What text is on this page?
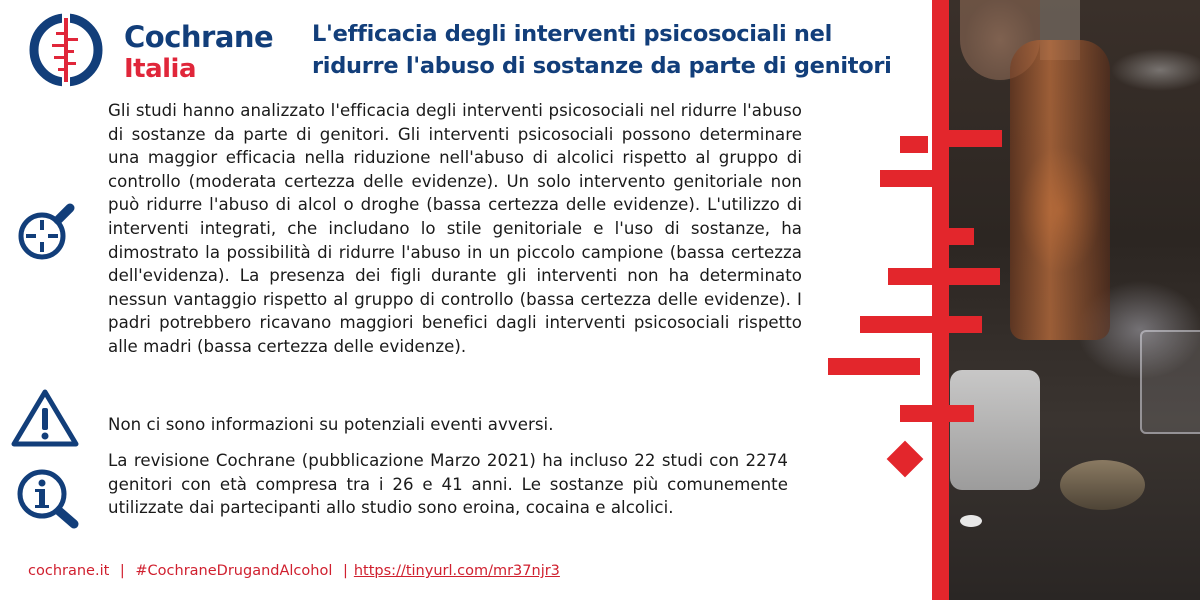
Cochrane
Italia
L'efficacia degli interventi psicosociali nel
ridurre l'abuso di sostanze da parte di genitori
Gli studi hanno analizzato l'efficacia degli interventi psicosociali nel ridurre l'abuso di sostanze da parte di genitori. Gli interventi psicosociali possono determinare una maggior efficacia nella riduzione nell'abuso di alcolici rispetto al gruppo di controllo (moderata certezza delle evidenze). Un solo intervento genitoriale non può ridurre l'abuso di alcol o droghe (bassa certezza delle evidenze). L'utilizzo di interventi integrati, che includano lo stile genitoriale e l'uso di sostanze, ha dimostrato la possibilità di ridurre l'abuso in un piccolo campione (bassa certezza dell'evidenza). La presenza dei figli durante gli interventi non ha determinato nessun vantaggio rispetto al gruppo di controllo (bassa certezza delle evidenze). I padri potrebbero ricavano maggiori benefici dagli interventi psicosociali rispetto alle madri (bassa certezza delle evidenze).
Non ci sono informazioni su potenziali eventi avversi.
La revisione Cochrane (pubblicazione Marzo 2021) ha incluso 22 studi con 2274 genitori con età compresa tra i 26 e 41 anni. Le sostanze più comunemente utilizzate dai partecipanti allo studio sono eroina, cocaina e alcolici.
cochrane.it | #CochraneDrugandAlcohol | https://tinyurl.com/mr37njr3
